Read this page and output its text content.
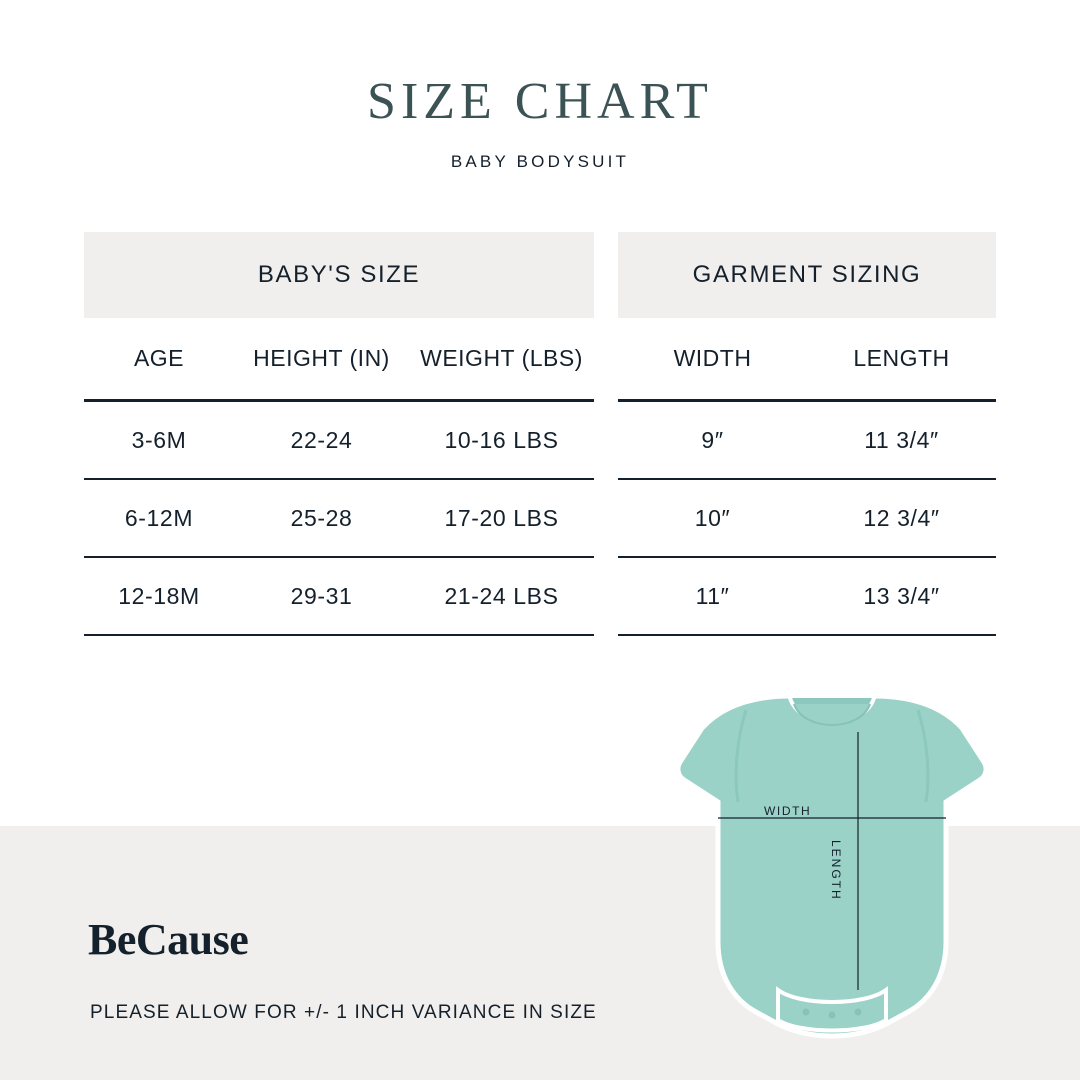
SIZE CHART
BABY BODYSUIT
BABY'S SIZE
AGE	HEIGHT (IN)	WEIGHT (LBS)
3-6M	22-24	10-16 LBS
6-12M	25-28	17-20 LBS
12-18M	29-31	21-24 LBS
GARMENT SIZING
WIDTH	LENGTH
9″	11 3/4″
10″	12 3/4″
11″	13 3/4″
BeCause
PLEASE ALLOW FOR +/- 1 INCH VARIANCE IN SIZE
WIDTH
LENGTH
